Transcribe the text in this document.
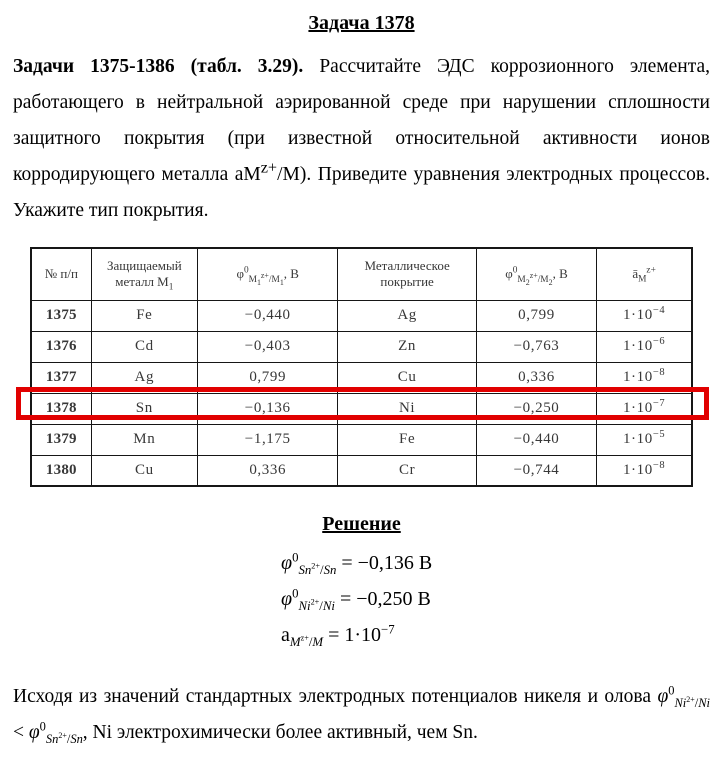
Задача 1378

Задачи 1375-1386 (табл. 3.29). Рассчитайте ЭДС коррозионного элемента, работающего в нейтральной аэрированной среде при нарушении сплошности защитного покрытия (при известной относительной активности ионов корродирующего металла $аМ^{z+}/М$). Приведите уравнения электродных процессов. Укажите тип покрытия.

№ п/п	Защищаемый металл $М_1$	$\varphi^0_{М_1^{z+}/М_1}$, В	Металлическое покрытие	$\varphi^0_{М_2^{z+}/М_2}$, В	$ā_М^{z+}$
1375	Fe	−0,440	Ag	0,799	$1\cdot 10^{-4}$
1376	Cd	−0,403	Zn	−0,763	$1\cdot 10^{-6}$
1377	Ag	0,799	Cu	0,336	$1\cdot 10^{-8}$
1378	Sn	−0,136	Ni	−0,250	$1\cdot 10^{-7}$
1379	Mn	−1,175	Fe	−0,440	$1\cdot 10^{-5}$
1380	Cu	0,336	Cr	−0,744	$1\cdot 10^{-8}$
Решение
$\varphi^0_{Sn^{2+}/Sn} = -0,136$ В
$\varphi^0_{Ni^{2+}/Ni} = -0,250$ В
$a_{M^{z+}/M} = 1\cdot 10^{-7}$

Исходя из значений стандартных электродных потенциалов никеля и олова $\varphi^0_{Ni^{2+}/Ni} < \varphi^0_{Sn^{2+}/Sn}$, Ni электрохимически более активный, чем Sn.
